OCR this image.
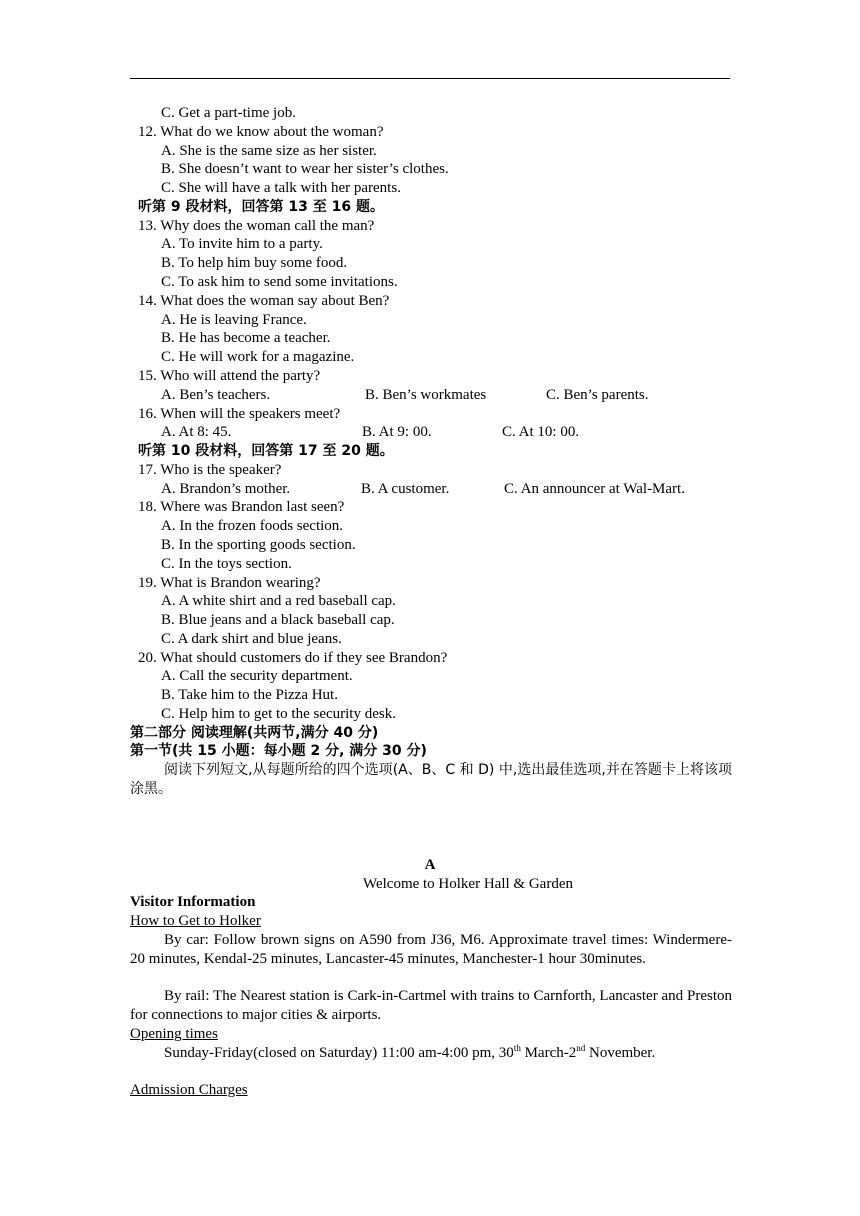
C. Get a part-time job.
12. What do we know about the woman?
A. She is the same size as her sister.
B. She doesn’t want to wear her sister’s clothes.
C. She will have a talk with her parents.
听第 9 段材料，回答第 13 至 16 题。
13. Why does the woman call the man?
A. To invite him to a party.
B. To help him buy some food.
C. To ask him to send some invitations.
14. What does the woman say about Ben?
A. He is leaving France.
B. He has become a teacher.
C. He will work for a magazine.
15. Who will attend the party?
A. Ben’s teachers.	B. Ben’s workmates	C. Ben’s parents.
16. When will the speakers meet?
A. At 8: 45.	B. At 9: 00.	C. At 10: 00.
听第 10 段材料，回答第 17 至 20 题。
17. Who is the speaker?
A. Brandon’s mother.	B. A customer.	C. An announcer at Wal-Mart.
18. Where was Brandon last seen?
A. In the frozen foods section.
B. In the sporting goods section.
C. In the toys section.
19. What is Brandon wearing?
A. A white shirt and a red baseball cap.
B. Blue jeans and a black baseball cap.
C. A dark shirt and blue jeans.
20. What should customers do if they see Brandon?
A. Call the security department.
B. Take him to the Pizza Hut.
C. Help him to get to the security desk.
第二部分 阅读理解(共两节,满分 40 分)
第一节(共 15 小题：每小题 2 分, 满分 30 分)

阅读下列短文,从每题所给的四个选项(A、B、C 和 D) 中,选出最佳选项,并在答题卡上将该项涂黑。

A
Welcome to Holker Hall & Garden
Visitor Information
How to Get to Holker

By car: Follow brown signs on A590 from J36, M6. Approximate travel times: Windermere-20 minutes, Kendal-25 minutes, Lancaster-45 minutes, Manchester-1 hour 30minutes.

By rail: The Nearest station is Cark-in-Cartmel with trains to Carnforth, Lancaster and Preston for connections to major cities & airports.

Opening times

Sunday-Friday(closed on Saturday) 11:00 am-4:00 pm, 30th March-2nd November.

Admission Charges
